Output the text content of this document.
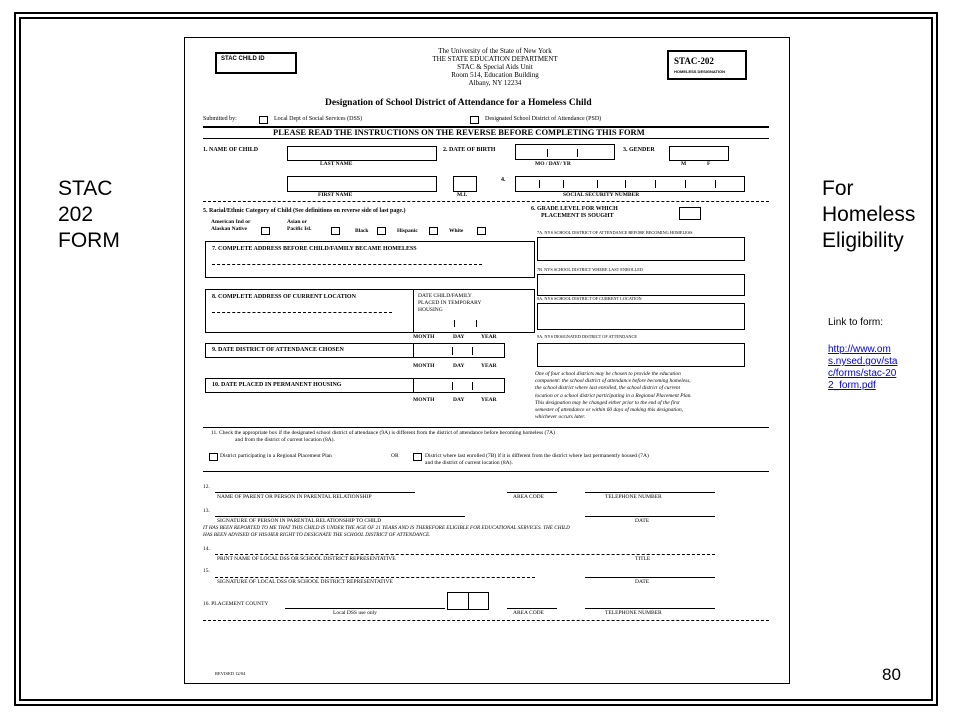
STAC
202
FORM
For
Homeless
Eligibility
Link to form:
http://www.oms.nysed.gov/stac/forms/stac-202_form.pdf
80
STAC CHILD ID
The University of the State of New York
THE STATE EDUCATION DEPARTMENT
STAC & Special Aids Unit
Room 514, Education Building
Albany, NY 12234
STAC-202
HOMELESS DESIGNATION
Designation of School District of Attendance for a Homeless Child
Submitted by:	Local Dept of Social Services (DSS)	Designated School District of Attendance (PSD)
PLEASE READ THE INSTRUCTIONS ON THE REVERSE BEFORE COMPLETING THIS FORM
1. NAME OF CHILD
LAST NAME
2. DATE OF BIRTH
MO / DAY/ YR
3. GENDER
M	F
FIRST NAME	M.I.
4.
SOCIAL SECURITY NUMBER
5. Racial/Ethnic Category of Child (See definitions on reverse side of last page.)
American Ind or
Alaskan Native
Asian or
Pacific Isl.	Black	Hispanic	White
6. GRADE LEVEL FOR WHICH
PLACEMENT IS SOUGHT
7. COMPLETE ADDRESS BEFORE CHILD/FAMILY BECAME HOMELESS
7A. NYS SCHOOL DISTRICT OF ATTENDANCE BEFORE BECOMING HOMELESS
7B. NYS SCHOOL DISTRICT WHERE LAST ENROLLED
8. COMPLETE ADDRESS OF CURRENT LOCATION	DATE CHILD/FAMILY
PLACED IN TEMPORARY
HOUSING
MONTH	DAY	YEAR
8A. NYS SCHOOL DISTRICT OF CURRENT LOCATION
9. DATE DISTRICT OF ATTENDANCE CHOSEN
MONTH	DAY	YEAR
9A. NYS DESIGNATED DISTRICT OF ATTENDANCE
10. DATE PLACED IN PERMANENT HOUSING
MONTH	DAY	YEAR
One of four school districts may be chosen to provide the education
component: the school district of attendance before becoming homeless,
the school district where last enrolled, the school district of current
location or a school district participating in a Regional Placement Plan.
This designation may be changed either prior to the end of the first
semester of attendance or within 60 days of making this designation,
whichever occurs later.
11. Check the appropriate box if the designated school district of attendance (9A) is different from the district of attendance before becoming homeless (7A)
and from the district of current location (8A).
District participating in a Regional Placement Plan	OR	District where last enrolled (7B) if it is different from the district where last permanently housed (7A)
and the district of current location (8A).
12.
NAME OF PARENT OR PERSON IN PARENTAL RELATIONSHIP	AREA CODE	TELEPHONE NUMBER
13.
SIGNATURE OF PERSON IN PARENTAL RELATIONSHIP TO CHILD	DATE
IT HAS BEEN REPORTED TO ME THAT THIS CHILD IS UNDER THE AGE OF 21 YEARS AND IS THEREFORE ELIGIBLE FOR EDUCATIONAL SERVICES. THE CHILD
HAS BEEN ADVISED OF HIS/HER RIGHT TO DESIGNATE THE SCHOOL DISTRICT OF ATTENDANCE.
14.
PRINT NAME OF LOCAL DSS OR SCHOOL DISTRICT REPRESENTATIVE	TITLE
15.
SIGNATURE OF LOCAL DSS OR SCHOOL DISTRICT REPRESENTATIVE	DATE
16. PLACEMENT COUNTY
Local DSS use only	AREA CODE	TELEPHONE NUMBER
REVISED 12/04
